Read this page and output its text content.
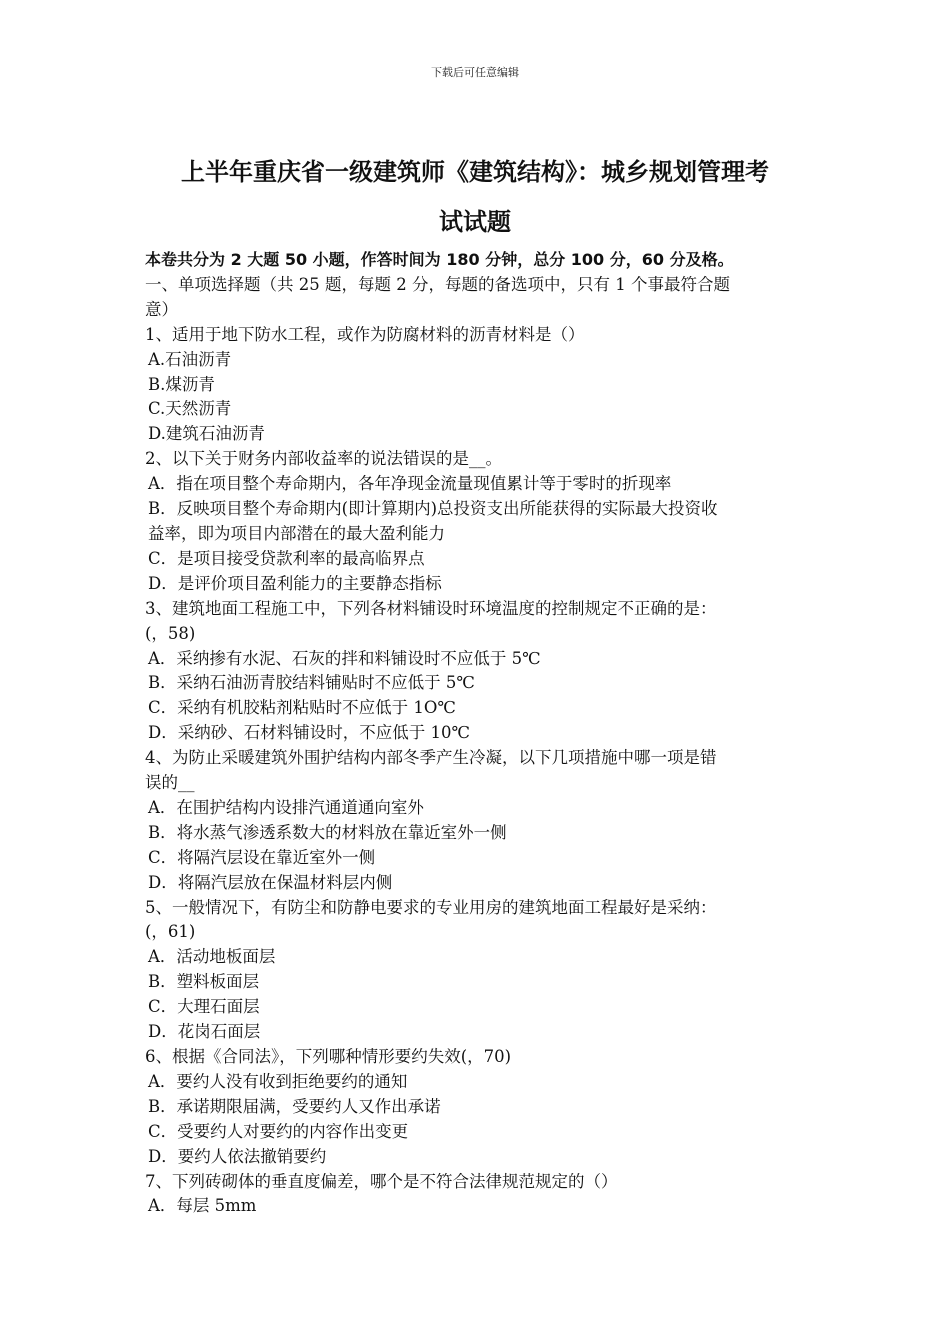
下载后可任意编辑
上半年重庆省一级建筑师《建筑结构》：城乡规划管理考
试试题
本卷共分为 2 大题 50 小题，作答时间为 180 分钟，总分 100 分，60 分及格。
一、单项选择题（共 25 题，每题 2 分，每题的备选项中，只有 1 个事最符合题
意）
1、适用于地下防水工程，或作为防腐材料的沥青材料是（）
A.石油沥青
B.煤沥青
C.天然沥青
D.建筑石油沥青
2、以下关于财务内部收益率的说法错误的是__。
A．指在项目整个寿命期内，各年净现金流量现值累计等于零时的折现率
B．反映项目整个寿命期内(即计算期内)总投资支出所能获得的实际最大投资收
益率，即为项目内部潜在的最大盈利能力
C．是项目接受贷款利率的最高临界点
D．是评价项目盈利能力的主要静态指标
3、建筑地面工程施工中，下列各材料铺设时环境温度的控制规定不正确的是：
(，58)
A．采纳掺有水泥、石灰的拌和料铺设时不应低于 5℃
B．采纳石油沥青胶结料铺贴时不应低于 5℃
C．采纳有机胶粘剂粘贴时不应低于 1O℃
D．采纳砂、石材料铺设时，不应低于 10℃
4、为防止采暖建筑外围护结构内部冬季产生冷凝，以下几项措施中哪一项是错
误的__
A．在围护结构内设排汽通道通向室外
B．将水蒸气渗透系数大的材料放在靠近室外一侧
C．将隔汽层设在靠近室外一侧
D．将隔汽层放在保温材料层内侧
5、一般情况下，有防尘和防静电要求的专业用房的建筑地面工程最好是采纳：
(，61)
A．活动地板面层
B．塑料板面层
C．大理石面层
D．花岗石面层
6、根据《合同法》，下列哪种情形要约失效(，70)
A．要约人没有收到拒绝要约的通知
B．承诺期限届满，受要约人又作出承诺
C．受要约人对要约的内容作出变更
D．要约人依法撤销要约
7、下列砖砌体的垂直度偏差，哪个是不符合法律规范规定的（）
A．每层 5mm
